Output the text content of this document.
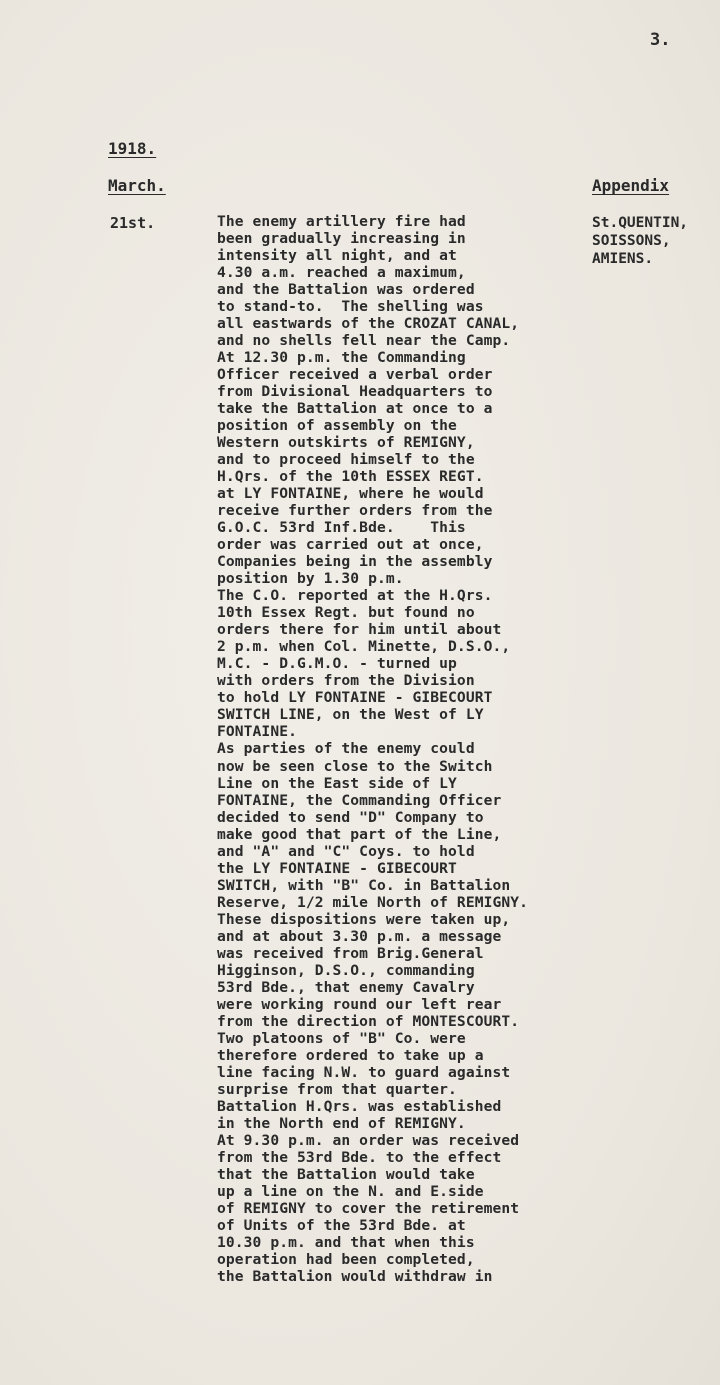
3.
1918.
March.	Appendix
21st.	St.QUENTIN,
SOISSONS,
AMIENS.
The enemy artillery fire had
been gradually increasing in
intensity all night, and at
4.30 a.m. reached a maximum,
and the Battalion was ordered
to stand-to.  The shelling was
all eastwards of the CROZAT CANAL,
and no shells fell near the Camp.
At 12.30 p.m. the Commanding
Officer received a verbal order
from Divisional Headquarters to
take the Battalion at once to a
position of assembly on the
Western outskirts of REMIGNY,
and to proceed himself to the
H.Qrs. of the 10th ESSEX REGT.
at LY FONTAINE, where he would
receive further orders from the
G.O.C. 53rd Inf.Bde.    This
order was carried out at once,
Companies being in the assembly
position by 1.30 p.m.
The C.O. reported at the H.Qrs.
10th Essex Regt. but found no
orders there for him until about
2 p.m. when Col. Minette, D.S.O.,
M.C. - D.G.M.O. - turned up
with orders from the Division
to hold LY FONTAINE - GIBECOURT
SWITCH LINE, on the West of LY
FONTAINE.
As parties of the enemy could
now be seen close to the Switch
Line on the East side of LY
FONTAINE, the Commanding Officer
decided to send "D" Company to
make good that part of the Line,
and "A" and "C" Coys. to hold
the LY FONTAINE - GIBECOURT
SWITCH, with "B" Co. in Battalion
Reserve, 1/2 mile North of REMIGNY.
These dispositions were taken up,
and at about 3.30 p.m. a message
was received from Brig.General
Higginson, D.S.O., commanding
53rd Bde., that enemy Cavalry
were working round our left rear
from the direction of MONTESCOURT.
Two platoons of "B" Co. were
therefore ordered to take up a
line facing N.W. to guard against
surprise from that quarter.
Battalion H.Qrs. was established
in the North end of REMIGNY.
At 9.30 p.m. an order was received
from the 53rd Bde. to the effect
that the Battalion would take
up a line on the N. and E.side
of REMIGNY to cover the retirement
of Units of the 53rd Bde. at
10.30 p.m. and that when this
operation had been completed,
the Battalion would withdraw in
